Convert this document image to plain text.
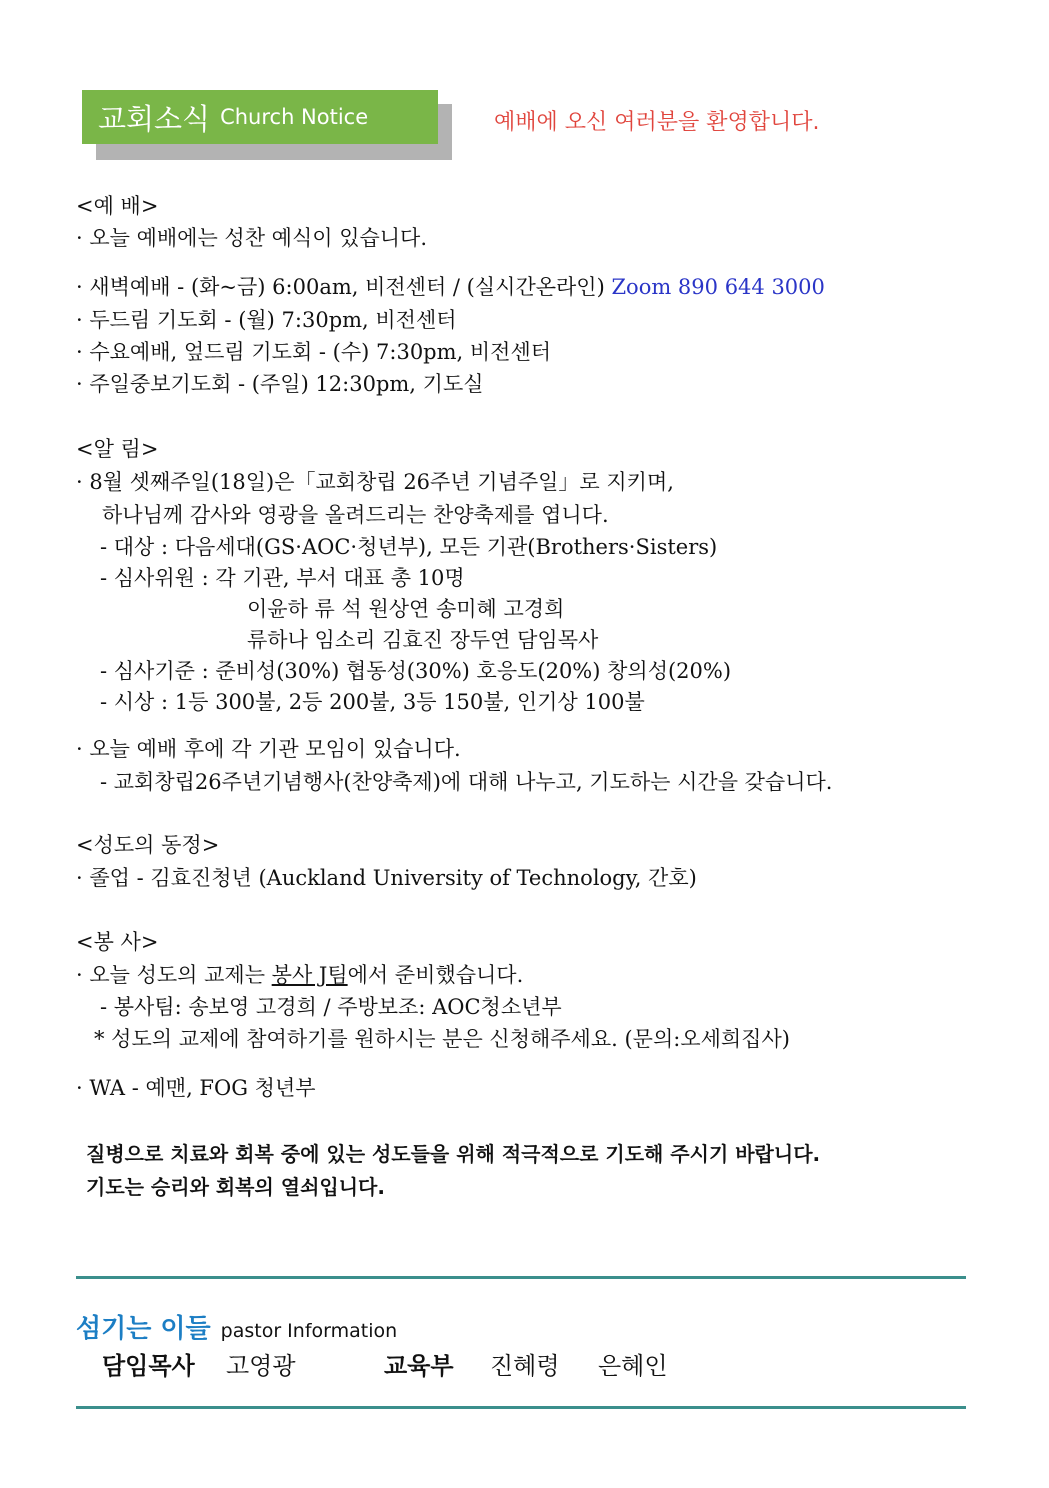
교회소식 Church Notice	예배에 오신 여러분을 환영합니다.
<예 배>
· 오늘 예배에는 성찬 예식이 있습니다.
· 새벽예배 - (화~금) 6:00am, 비전센터 / (실시간온라인) Zoom 890 644 3000
· 두드림 기도회 - (월) 7:30pm, 비전센터
· 수요예배, 엎드림 기도회 - (수) 7:30pm, 비전센터
· 주일중보기도회 - (주일) 12:30pm, 기도실
<알 림>
· 8월 셋째주일(18일)은「교회창립 26주년 기념주일」로 지키며,
하나님께 감사와 영광을 올려드리는 찬양축제를 엽니다.
- 대상 : 다음세대(GS·AOC·청년부), 모든 기관(Brothers·Sisters)
- 심사위원 : 각 기관, 부서 대표 총 10명
이윤하 류 석 원상연 송미혜 고경희
류하나 임소리 김효진 장두연 담임목사
- 심사기준 : 준비성(30%) 협동성(30%) 호응도(20%) 창의성(20%)
- 시상 : 1등 300불, 2등 200불, 3등 150불, 인기상 100불
· 오늘 예배 후에 각 기관 모임이 있습니다.
- 교회창립26주년기념행사(찬양축제)에 대해 나누고, 기도하는 시간을 갖습니다.
<성도의 동정>
· 졸업 - 김효진청년 (Auckland University of Technology, 간호)
<봉 사>
· 오늘 성도의 교제는 봉사 J팀에서 준비했습니다.
- 봉사팀: 송보영 고경희 / 주방보조: AOC청소년부
* 성도의 교제에 참여하기를 원하시는 분은 신청해주세요. (문의:오세희집사)
· WA - 예맨, FOG 청년부
질병으로 치료와 회복 중에 있는 성도들을 위해 적극적으로 기도해 주시기 바랍니다.
기도는 승리와 회복의 열쇠입니다.
섬기는 이들 pastor Information
담임목사 고영광	교육부 진혜령 은혜인
